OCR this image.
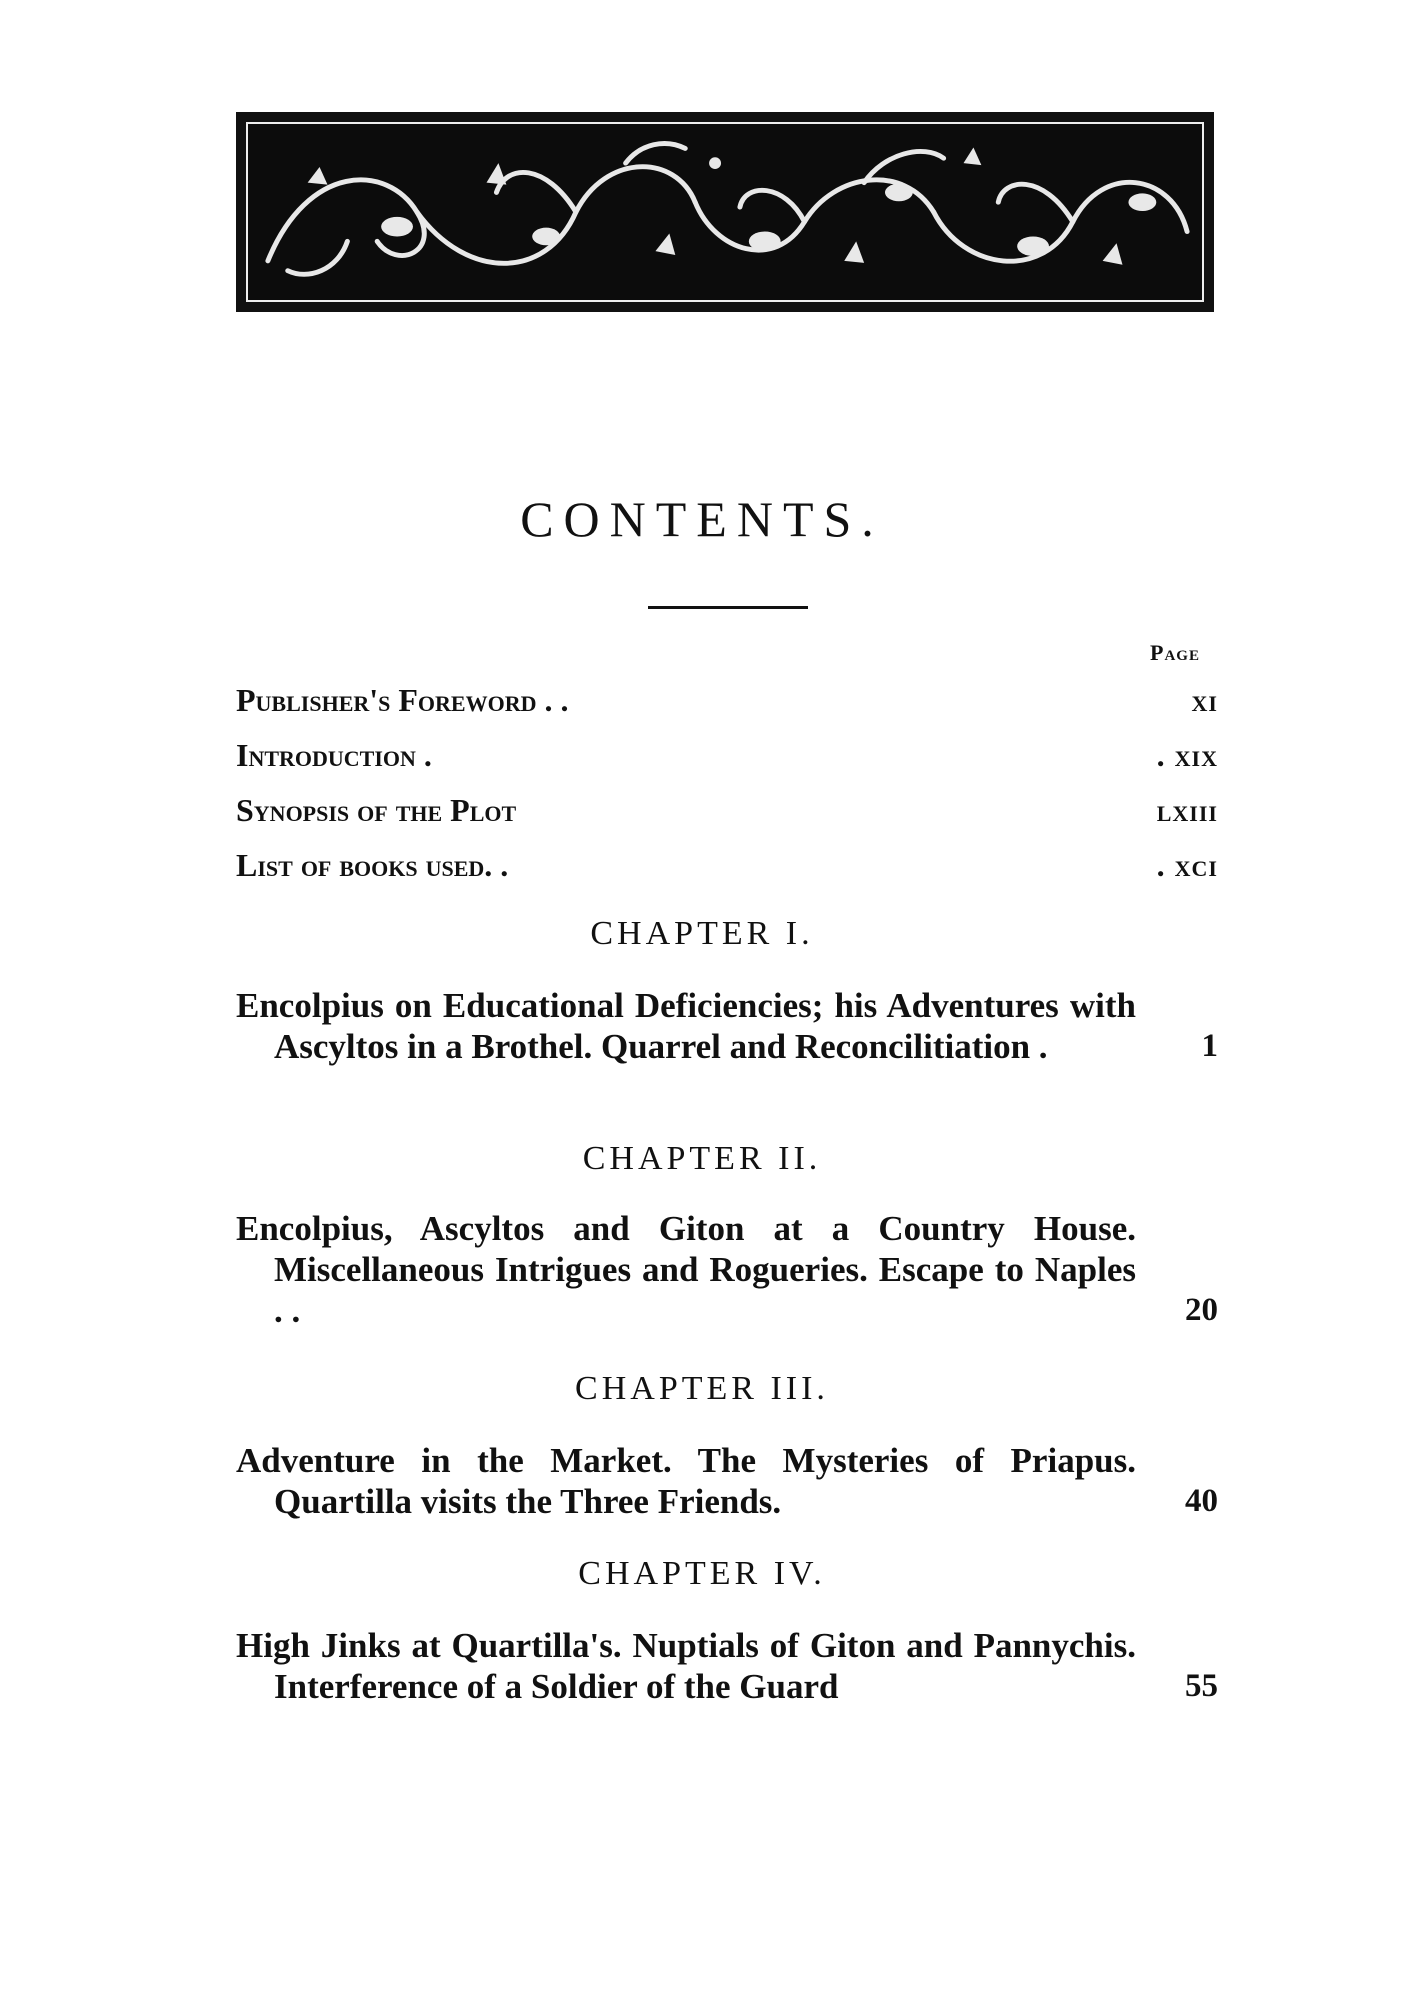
CONTENTS.
Page
Publisher's Foreword . .	xi
Introduction .	. xix
Synopsis of the Plot	lxiii
List of books used. .	. xci
CHAPTER I.
Encolpius on Educational Deficiencies; his Adventures with Ascyltos in a Brothel. Quarrel and Reconcilitiation .	1
CHAPTER II.
Encolpius, Ascyltos and Giton at a Country House. Miscellaneous Intrigues and Rogueries. Escape to Naples . .	20
CHAPTER III.
Adventure in the Market. The Mysteries of Priapus. Quartilla visits the Three Friends.	40
CHAPTER IV.
High Jinks at Quartilla's. Nuptials of Giton and Pannychis. Interference of a Soldier of the Guard	55
